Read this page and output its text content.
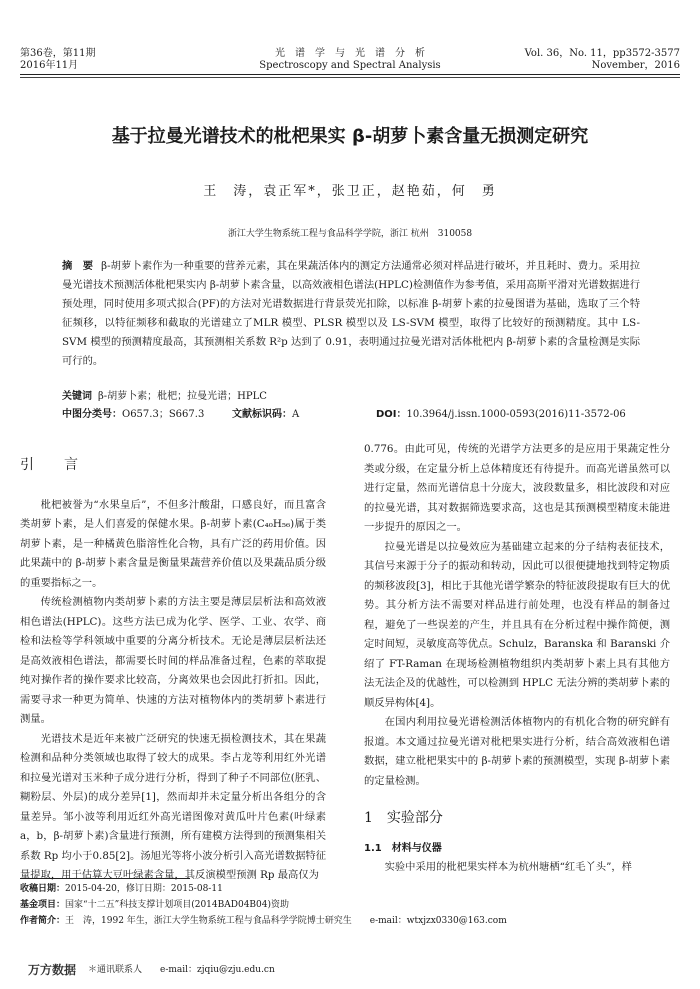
第36卷，第11期
2016年11月
光　谱　学　与　光　谱　分　析
Spectroscopy and Spectral Analysis
Vol. 36，No. 11，pp3572-3577
November，2016
基于拉曼光谱技术的枇杷果实 β-胡萝卜素含量无损测定研究
王　涛，袁正军*，张卫正，赵艳茹，何　勇
浙江大学生物系统工程与食品科学学院，浙江 杭州　310058
摘　要 β-胡萝卜素作为一种重要的营养元素，其在果蔬活体内的测定方法通常必须对样品进行破坏，并且耗时、费力。采用拉曼光谱技术预测活体枇杷果实内 β-胡萝卜素含量，以高效液相色谱法(HPLC)检测值作为参考值，采用高斯平滑对光谱数据进行预处理，同时使用多项式拟合(PF)的方法对光谱数据进行背景荧光扣除，以标准 β-胡萝卜素的拉曼图谱为基础，选取了三个特征频移，以特征频移和截取的光谱建立了MLR 模型、PLSR 模型以及 LS-SVM 模型，取得了比较好的预测精度。其中 LS-SVM 模型的预测精度最高，其预测相关系数 R²p 达到了 0.91，表明通过拉曼光谱对活体枇杷内 β-胡萝卜素的含量检测是实际可行的。
关键词 β-胡萝卜素；枇杷；拉曼光谱；HPLC
中图分类号：O657.3；S667.3	文献标识码：A	DOI：10.3964/j.issn.1000-0593(2016)11-3572-06
引　言

枇杷被誉为“水果皇后”，不但多汁酸甜，口感良好，而且富含类胡萝卜素，是人们喜爱的保健水果。β-胡萝卜素(C₄₀H₅₆)属于类胡萝卜素，是一种橘黄色脂溶性化合物，具有广泛的药用价值。因此果蔬中的 β-胡萝卜素含量是衡量果蔬营养价值以及果蔬品质分级的重要指标之一。

传统检测植物内类胡萝卜素的方法主要是薄层层析法和高效液相色谱法(HPLC)。这些方法已成为化学、医学、工业、农学、商检和法检等学科领域中重要的分离分析技术。无论是薄层层析法还是高效液相色谱法，都需要长时间的样品准备过程，色素的萃取提纯对操作者的操作要求比较高，分离效果也会因此打折扣。因此，需要寻求一种更为简单、快速的方法对植物体内的类胡萝卜素进行测量。

光谱技术是近年来被广泛研究的快速无损检测技术，其在果蔬检测和品种分类领域也取得了较大的成果。李占龙等利用红外光谱和拉曼光谱对玉米种子成分进行分析，得到了种子不同部位(胚乳、糊粉层、外层)的成分差异[1]，然而却并未定量分析出各组分的含量差异。邹小波等利用近红外高光谱图像对黄瓜叶片色素(叶绿素 a，b，β-胡萝卜素)含量进行预测，所有建模方法得到的预测集相关系数 Rp 均小于0.85[2]。汤旭光等将小波分析引入高光谱数据特征量提取，用于估算大豆叶绿素含量，其反演模型预测 Rp 最高仅为

0.776。由此可见，传统的光谱学方法更多的是应用于果蔬定性分类或分级，在定量分析上总体精度还有待提升。而高光谱虽然可以进行定量，然而光谱信息十分庞大，波段数量多，相比波段和对应的拉曼光谱，其对数据筛选要求高，这也是其预测模型精度未能进一步提升的原因之一。

拉曼光谱是以拉曼效应为基础建立起来的分子结构表征技术，其信号来源于分子的振动和转动，因此可以很便捷地找到特定物质的频移波段[3]，相比于其他光谱学繁杂的特征波段提取有巨大的优势。其分析方法不需要对样品进行前处理，也没有样品的制备过程，避免了一些误差的产生，并且具有在分析过程中操作简便，测定时间短，灵敏度高等优点。Schulz，Baranska 和 Baranski 介绍了 FT-Raman 在现场检测植物组织内类胡萝卜素上具有其他方法无法企及的优越性，可以检测到 HPLC 无法分辨的类胡萝卜素的顺反异构体[4]。

在国内利用拉曼光谱检测活体植物内的有机化合物的研究鲜有报道。本文通过拉曼光谱对枇杷果实进行分析，结合高效液相色谱数据，建立枇杷果实中的 β-胡萝卜素的预测模型，实现 β-胡萝卜素的定量检测。

1　实验部分
1.1　材料与仪器

实验中采用的枇杷果实样本为杭州塘栖“红毛丫头”，样

收稿日期：2015-04-20，修订日期：2015-08-11
基金项目：国家“十二五”科技支撑计划项目(2014BAD04B04)资助
作者简介：王　涛，1992 年生，浙江大学生物系统工程与食品科学学院博士研究生　　e-mail：wtxjzx0330@163.com
万方数据 ＊通讯联系人　　e-mail：zjqiu@zju.edu.cn
